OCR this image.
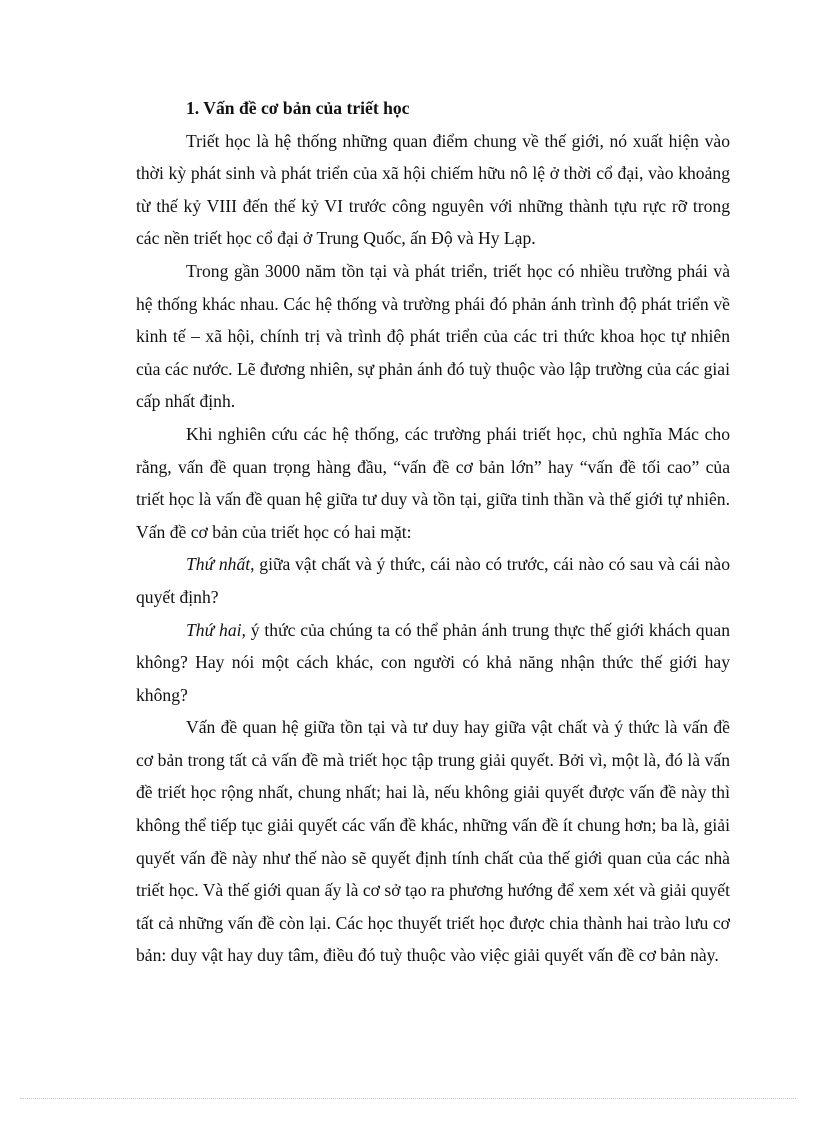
1. Vấn đề cơ bản của triết học

Triết học là hệ thống những quan điểm chung về thế giới, nó xuất hiện vào thời kỳ phát sinh và phát triển của xã hội chiếm hữu nô lệ ở thời cổ đại, vào khoảng từ thế kỷ VIII đến thế kỷ VI trước công nguyên với những thành tựu rực rỡ trong các nền triết học cổ đại ở Trung Quốc, ấn Độ và Hy Lạp.

Trong gần 3000 năm tồn tại và phát triển, triết học có nhiều trường phái và hệ thống khác nhau. Các hệ thống và trường phái đó phản ánh trình độ phát triển về kinh tế – xã hội, chính trị và trình độ phát triển của các tri thức khoa học tự nhiên của các nước. Lẽ đương nhiên, sự phản ánh đó tuỳ thuộc vào lập trường của các giai cấp nhất định.

Khi nghiên cứu các hệ thống, các trường phái triết học, chủ nghĩa Mác cho rằng, vấn đề quan trọng hàng đầu, “vấn đề cơ bản lớn” hay “vấn đề tối cao” của triết học là vấn đề quan hệ giữa tư duy và tồn tại, giữa tinh thần và thế giới tự nhiên. Vấn đề cơ bản của triết học có hai mặt:

Thứ nhất, giữa vật chất và ý thức, cái nào có trước, cái nào có sau và cái nào quyết định?

Thứ hai, ý thức của chúng ta có thể phản ánh trung thực thế giới khách quan không? Hay nói một cách khác, con người có khả năng nhận thức thế giới hay không?

Vấn đề quan hệ giữa tồn tại và tư duy hay giữa vật chất và ý thức là vấn đề cơ bản trong tất cả vấn đề mà triết học tập trung giải quyết. Bởi vì, một là, đó là vấn đề triết học rộng nhất, chung nhất; hai là, nếu không giải quyết được vấn đề này thì không thể tiếp tục giải quyết các vấn đề khác, những vấn đề ít chung hơn; ba là, giải quyết vấn đề này như thế nào sẽ quyết định tính chất của thế giới quan của các nhà triết học. Và thế giới quan ấy là cơ sở tạo ra phương hướng để xem xét và giải quyết tất cả những vấn đề còn lại. Các học thuyết triết học được chia thành hai trào lưu cơ bản: duy vật hay duy tâm, điều đó tuỳ thuộc vào việc giải quyết vấn đề cơ bản này.
